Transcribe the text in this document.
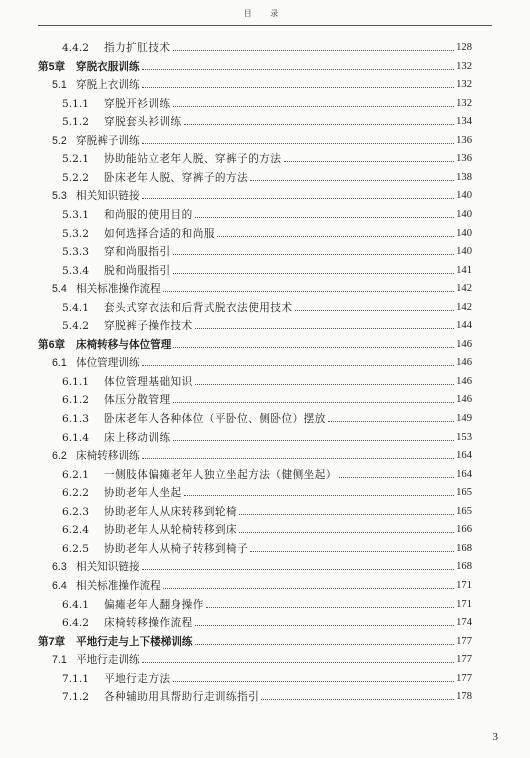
目 录
4.4.2	指力扩肛技术	128
第5章	穿脱衣服训练	132
5.1 穿脱上衣训练	132
5.1.1	穿脱开衫训练	132
5.1.2	穿脱套头衫训练	134
5.2 穿脱裤子训练	136
5.2.1	协助能站立老年人脱、穿裤子的方法	136
5.2.2	卧床老年人脱、穿裤子的方法	138
5.3 相关知识链接	140
5.3.1	和尚服的使用目的	140
5.3.2	如何选择合适的和尚服	140
5.3.3	穿和尚服指引	140
5.3.4	脱和尚服指引	141
5.4 相关标准操作流程	142
5.4.1	套头式穿衣法和后背式脱衣法使用技术	142
5.4.2	穿脱裤子操作技术	144
第6章	床椅转移与体位管理	146
6.1 体位管理训练	146
6.1.1	体位管理基础知识	146
6.1.2	体压分散管理	146
6.1.3	卧床老年人各种体位（平卧位、侧卧位）摆放	149
6.1.4	床上移动训练	153
6.2 床椅转移训练	164
6.2.1	一侧肢体偏瘫老年人独立坐起方法（健侧坐起）	164
6.2.2	协助老年人坐起	165
6.2.3	协助老年人从床转移到轮椅	165
6.2.4	协助老年人从轮椅转移到床	166
6.2.5	协助老年人从椅子转移到椅子	168
6.3 相关知识链接	168
6.4 相关标准操作流程	171
6.4.1	偏瘫老年人翻身操作	171
6.4.2	床椅转移操作流程	174
第7章	平地行走与上下楼梯训练	177
7.1 平地行走训练	177
7.1.1	平地行走方法	177
7.1.2	各种辅助用具帮助行走训练指引	178
3
